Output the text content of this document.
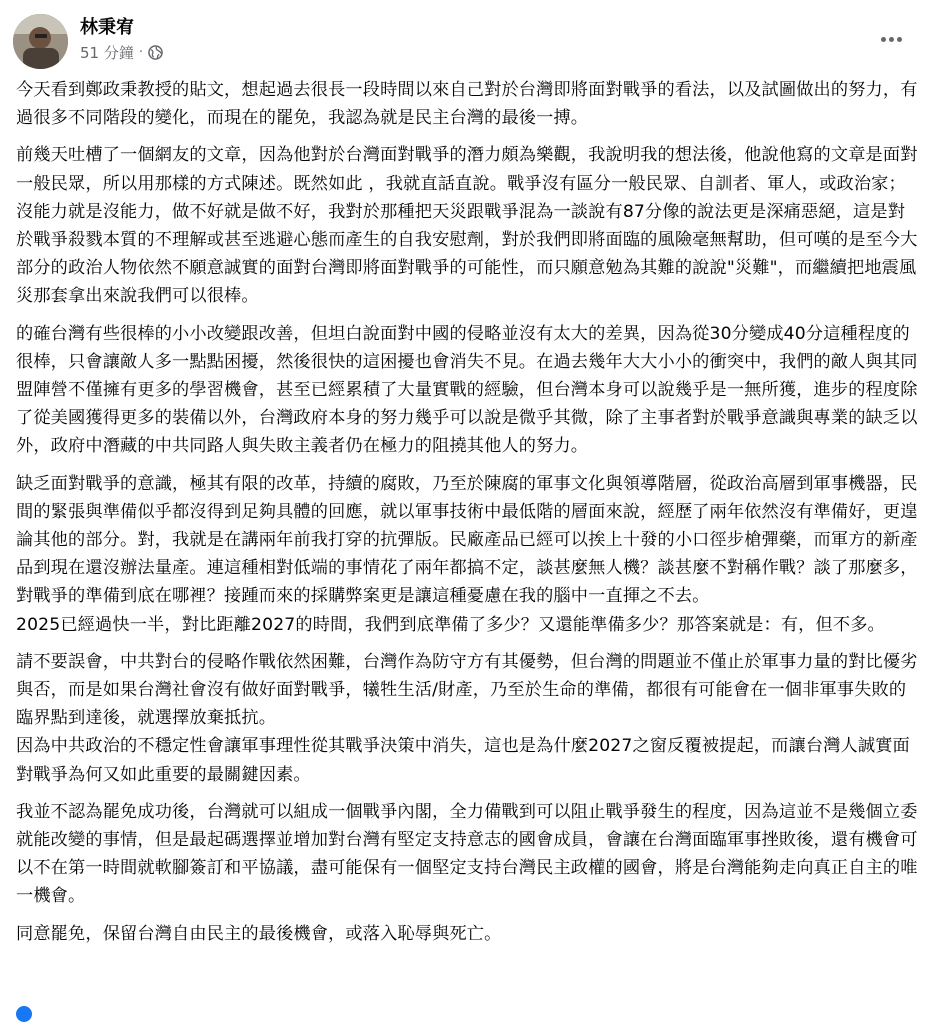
林秉宥
51 分鐘 ·

今天看到鄭政秉教授的貼文，想起過去很長一段時間以來自己對於台灣即將面對戰爭的看法，以及試圖做出的努力，有過很多不同階段的變化，而現在的罷免，我認為就是民主台灣的最後一搏。

前幾天吐槽了一個網友的文章，因為他對於台灣面對戰爭的潛力頗為樂觀，我說明我的想法後，他說他寫的文章是面對一般民眾，所以用那樣的方式陳述。既然如此 ，我就直話直說。戰爭沒有區分一般民眾、自訓者、軍人，或政治家；沒能力就是沒能力，做不好就是做不好，我對於那種把天災跟戰爭混為一談說有87分像的說法更是深痛惡絕，這是對於戰爭殺戮本質的不理解或甚至逃避心態而產生的自我安慰劑，對於我們即將面臨的風險毫無幫助，但可嘆的是至今大部分的政治人物依然不願意誠實的面對台灣即將面對戰爭的可能性，而只願意勉為其難的說說"災難"，而繼續把地震風災那套拿出來說我們可以很棒。

的確台灣有些很棒的小小改變跟改善，但坦白說面對中國的侵略並沒有太大的差異，因為從30分變成40分這種程度的很棒，只會讓敵人多一點點困擾，然後很快的這困擾也會消失不見。在過去幾年大大小小的衝突中，我們的敵人與其同盟陣營不僅擁有更多的學習機會，甚至已經累積了大量實戰的經驗，但台灣本身可以說幾乎是一無所獲，進步的程度除了從美國獲得更多的裝備以外，台灣政府本身的努力幾乎可以說是微乎其微，除了主事者對於戰爭意識與專業的缺乏以外，政府中潛藏的中共同路人與失敗主義者仍在極力的阻撓其他人的努力。

缺乏面對戰爭的意識，極其有限的改革，持續的腐敗，乃至於陳腐的軍事文化與領導階層，從政治高層到軍事機器，民間的緊張與準備似乎都沒得到足夠具體的回應，就以軍事技術中最低階的層面來說，經歷了兩年依然沒有準備好，更遑論其他的部分。對，我就是在講兩年前我打穿的抗彈版。民廠產品已經可以挨上十發的小口徑步槍彈藥，而軍方的新產品到現在還沒辦法量產。連這種相對低端的事情花了兩年都搞不定，談甚麼無人機？談甚麼不對稱作戰？談了那麼多，對戰爭的準備到底在哪裡？接踵而來的採購弊案更是讓這種憂慮在我的腦中一直揮之不去。
2025已經過快一半，對比距離2027的時間，我們到底準備了多少？又還能準備多少？那答案就是：有，但不多。

請不要誤會，中共對台的侵略作戰依然困難，台灣作為防守方有其優勢，但台灣的問題並不僅止於軍事力量的對比優劣與否，而是如果台灣社會沒有做好面對戰爭，犧牲生活/財產，乃至於生命的準備，都很有可能會在一個非軍事失敗的臨界點到達後，就選擇放棄抵抗。
因為中共政治的不穩定性會讓軍事理性從其戰爭決策中消失，這也是為什麼2027之窗反覆被提起，而讓台灣人誠實面對戰爭為何又如此重要的最關鍵因素。

我並不認為罷免成功後，台灣就可以組成一個戰爭內閣，全力備戰到可以阻止戰爭發生的程度，因為這並不是幾個立委就能改變的事情，但是最起碼選擇並增加對台灣有堅定支持意志的國會成員，會讓在台灣面臨軍事挫敗後，還有機會可以不在第一時間就軟腳簽訂和平協議，盡可能保有一個堅定支持台灣民主政權的國會，將是台灣能夠走向真正自主的唯一機會。

同意罷免，保留台灣自由民主的最後機會，或落入恥辱與死亡。
